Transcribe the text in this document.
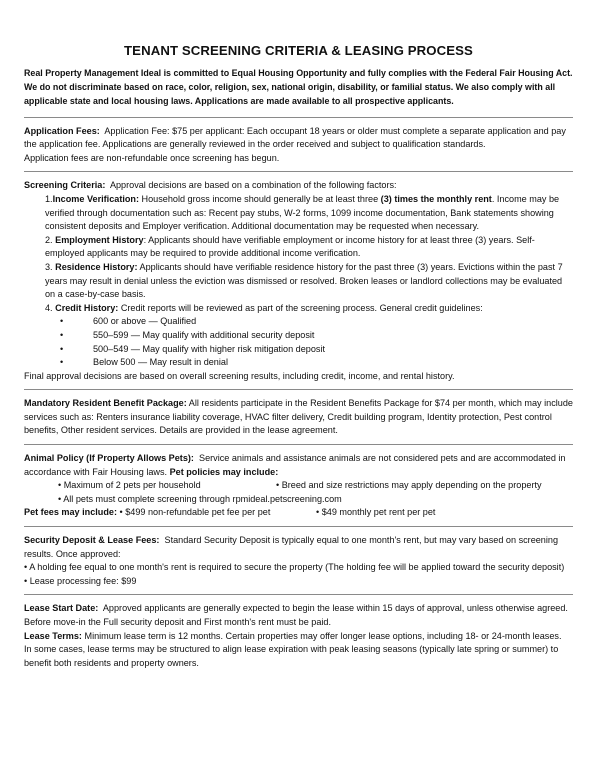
TENANT SCREENING CRITERIA & LEASING PROCESS

Real Property Management Ideal is committed to Equal Housing Opportunity and fully complies with the Federal Fair Housing Act. We do not discriminate based on race, color, religion, sex, national origin, disability, or familial status. We also comply with all applicable state and local housing laws. Applications are made available to all prospective applicants.

Application Fees: Application Fee: $75 per applicant: Each occupant 18 years or older must complete a separate application and pay the application fee. Applications are generally reviewed in the order received and subject to qualification standards.

Application fees are non-refundable once screening has begun.

Screening Criteria: Approval decisions are based on a combination of the following factors:

1.Income Verification: Household gross income should generally be at least three (3) times the monthly rent. Income may be verified through documentation such as: Recent pay stubs, W-2 forms, 1099 income documentation, Bank statements showing consistent deposits and Employer verification. Additional documentation may be requested when necessary.

2. Employment History: Applicants should have verifiable employment or income history for at least three (3) years. Self-employed applicants may be required to provide additional income verification.

3. Residence History: Applicants should have verifiable residence history for the past three (3) years. Evictions within the past 7 years may result in denial unless the eviction was dismissed or resolved. Broken leases or landlord collections may be evaluated on a case-by-case basis.

4. Credit History: Credit reports will be reviewed as part of the screening process. General credit guidelines:

•	600 or above — Qualified

•	550–599 — May qualify with additional security deposit

•	500–549 — May qualify with higher risk mitigation deposit

•	Below 500 — May result in denial

Final approval decisions are based on overall screening results, including credit, income, and rental history.

Mandatory Resident Benefit Package: All residents participate in the Resident Benefits Package for $74 per month, which may include services such as: Renters insurance liability coverage, HVAC filter delivery, Credit building program, Identity protection, Pest control benefits, Other resident services. Details are provided in the lease agreement.

Animal Policy (If Property Allows Pets): Service animals and assistance animals are not considered pets and are accommodated in accordance with Fair Housing laws. Pet policies may include:

• Maximum of 2 pets per household	• Breed and size restrictions may apply depending on the property

• All pets must complete screening through rpmideal.petscreening.com

Pet fees may include: • $499 non-refundable pet fee per pet	• $49 monthly pet rent per pet

Security Deposit & Lease Fees: Standard Security Deposit is typically equal to one month's rent, but may vary based on screening results. Once approved:

• A holding fee equal to one month's rent is required to secure the property (The holding fee will be applied toward the security deposit)

• Lease processing fee: $99

Lease Start Date: Approved applicants are generally expected to begin the lease within 15 days of approval, unless otherwise agreed. Before move-in the Full security deposit and First month's rent must be paid.

Lease Terms: Minimum lease term is 12 months. Certain properties may offer longer lease options, including 18- or 24-month leases.

In some cases, lease terms may be structured to align lease expiration with peak leasing seasons (typically late spring or summer) to benefit both residents and property owners.
